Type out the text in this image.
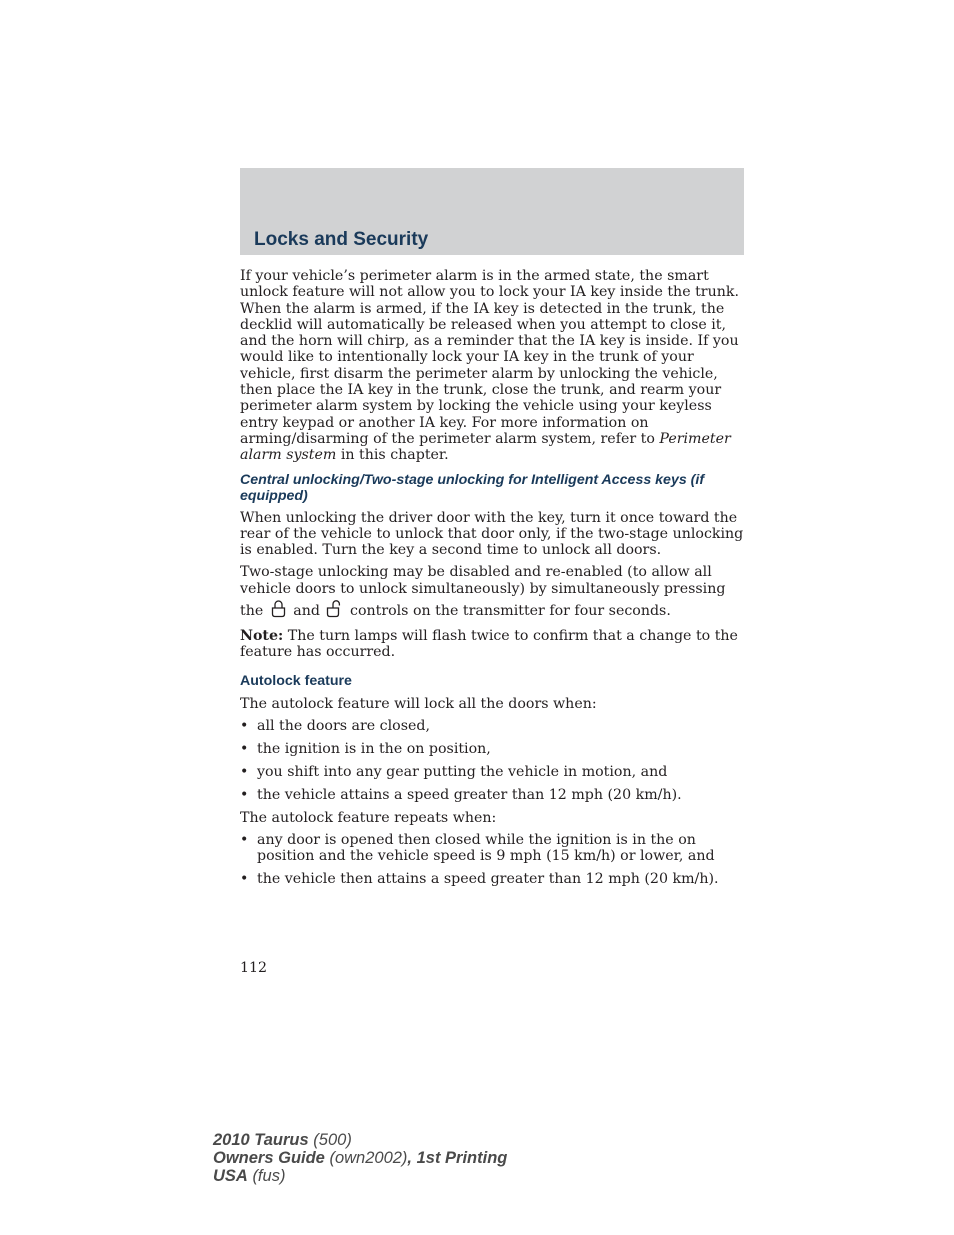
Locks and Security

If your vehicle’s perimeter alarm is in the armed state, the smart unlock feature will not allow you to lock your IA key inside the trunk. When the alarm is armed, if the IA key is detected in the trunk, the decklid will automatically be released when you attempt to close it, and the horn will chirp, as a reminder that the IA key is inside. If you would like to intentionally lock your IA key in the trunk of your vehicle, first disarm the perimeter alarm by unlocking the vehicle, then place the IA key in the trunk, close the trunk, and rearm your perimeter alarm system by locking the vehicle using your keyless entry keypad or another IA key. For more information on arming/disarming of the perimeter alarm system, refer to Perimeter alarm system in this chapter.

Central unlocking/Two-stage unlocking for Intelligent Access keys (if equipped)

When unlocking the driver door with the key, turn it once toward the rear of the vehicle to unlock that door only, if the two-stage unlocking is enabled. Turn the key a second time to unlock all doors.

Two-stage unlocking may be disabled and re-enabled (to allow all vehicle doors to unlock simultaneously) by simultaneously pressing

the and controls on the transmitter for four seconds.

Note: The turn lamps will flash twice to confirm that a change to the feature has occurred.

Autolock feature

The autolock feature will lock all the doors when:

• all the doors are closed,
• the ignition is in the on position,
• you shift into any gear putting the vehicle in motion, and
• the vehicle attains a speed greater than 12 mph (20 km/h).

The autolock feature repeats when:

• any door is opened then closed while the ignition is in the on position and the vehicle speed is 9 mph (15 km/h) or lower, and
• the vehicle then attains a speed greater than 12 mph (20 km/h).
112
2010 Taurus (500)
Owners Guide (own2002), 1st Printing
USA (fus)
